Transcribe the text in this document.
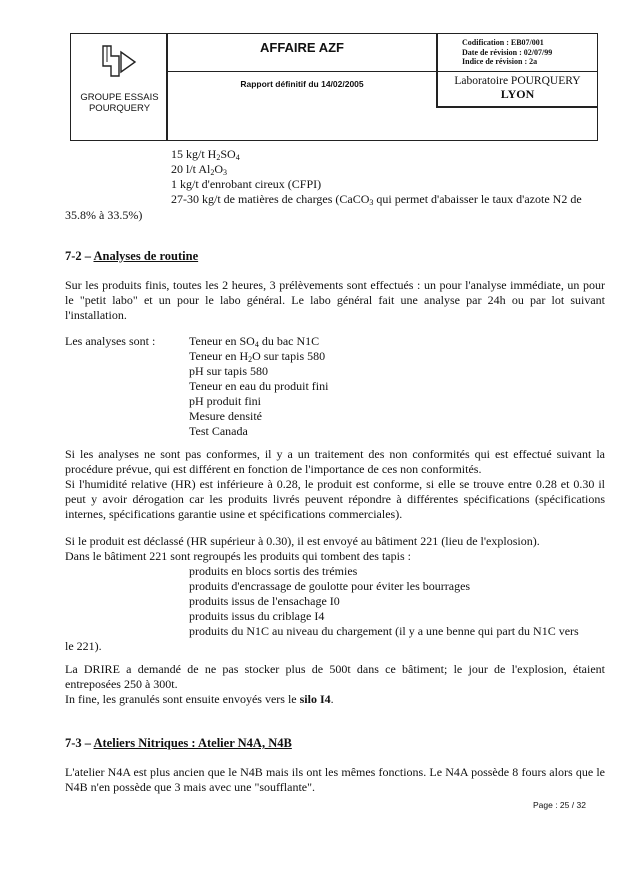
GROUPE ESSAIS
POURQUERY
AFFAIRE AZF
Rapport définitif du 14/02/2005
Codification : EB07/001
Date de révision : 02/07/99
Indice de révision : 2a
Laboratoire POURQUERY
LYON
15 kg/t $H_2SO_4$
20 l/t $Al_2O_3$
1 kg/t d'enrobant cireux (CFPI)
27-30 kg/t de matières de charges (CaCO$_3$ qui permet d'abaisser le taux d'azote N2 de
35.8% à 33.5%)
7-2 – Analyses de routine
Sur les produits finis, toutes les 2 heures, 3 prélèvements sont effectués : un pour l'analyse immédiate, un pour le "petit labo" et un pour le labo général. Le labo général fait une analyse par 24h ou par lot suivant l'installation.
Les analyses sont :	Teneur en $SO_4$ du bac N1C
Teneur en $H_2O$ sur tapis 580
pH sur tapis 580
Teneur en eau du produit fini
pH produit fini
Mesure densité
Test Canada
Si les analyses ne sont pas conformes, il y a un traitement des non conformités qui est effectué suivant la procédure prévue, qui est différent en fonction de l'importance de ces non conformités.
Si l'humidité relative (HR) est inférieure à 0.28, le produit est conforme, si elle se trouve entre 0.28 et 0.30 il peut y avoir dérogation car les produits livrés peuvent répondre à différentes spécifications (spécifications internes, spécifications garantie usine et spécifications commerciales).
Si le produit est déclassé (HR supérieur à 0.30), il est envoyé au bâtiment 221 (lieu de l'explosion).
Dans le bâtiment 221 sont regroupés les produits qui tombent des tapis :
produits en blocs sortis des trémies
produits d'encrassage de goulotte pour éviter les bourrages
produits issus de l'ensachage I0
produits issus du criblage I4
produits du N1C au niveau du chargement (il y a une benne qui part du N1C vers
le 221).
La DRIRE a demandé de ne pas stocker plus de 500t dans ce bâtiment; le jour de l'explosion, étaient entreposées 250 à 300t.
In fine, les granulés sont ensuite envoyés vers le silo I4.
7-3 – Ateliers Nitriques : Atelier N4A, N4B
L'atelier N4A est plus ancien que le N4B mais ils ont les mêmes fonctions. Le N4A possède 8 fours alors que le N4B n'en possède que 3 mais avec une "soufflante".
Page : 25 / 32
